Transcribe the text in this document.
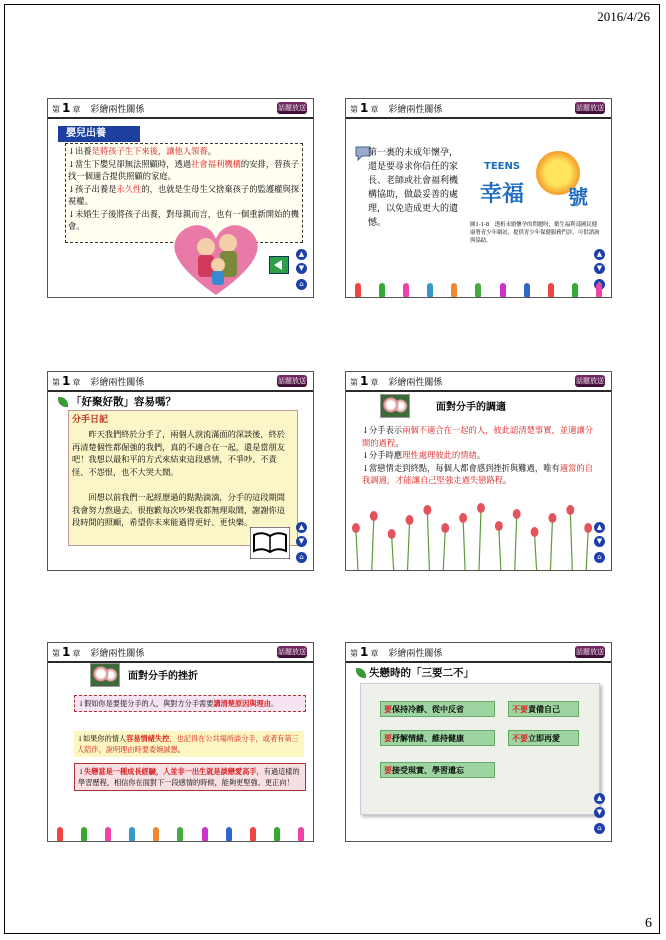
2016/4/26
6
第 1 章 彩繪兩性關係	話題放送
嬰兒出養
↓出養是將孩子生下來後，讓他人領養。
↓當生下嬰兒卻無法照顧時，透過社會福利機構的安排，替孩子找一個適合提供照顧的家庭。
↓孩子出養是永久性的，也就是生母生父捨棄孩子的監護權與探視權。
↓未婚生子後將孩子出養，對母親而言，也有一個重新開始的機會。
▲
▼
⌂
第 1 章 彩繪兩性關係	話題放送
第一裏的未成年懷孕，還是要尋求你信任的家長、老師或社會福利機構協助，做最妥善的處理，以免造成更大的遺憾。
TEENS
幸福 號
圖1-1-8　透析未婚懷孕的問題呀，衛生福利部國民健康署青少年網站，提供青少年保健服務門診，可供諮詢與協助。
▲
▼
第 1 章 彩繪兩性關係	話題放送
「好聚好散」容易嗎？
分手日記
昨天我們終於分手了，兩個人淚流滿面的深談後，終於再清楚個性都倔強的我們，真的不適合在一起，還是當朋友吧！我想以最和平的方式來結束這段感情，不爭吵、不責怪、不怨恨，也不大哭大鬧。
回想以前我們一起經歷過的點點滴滴，分手的這段期間我會努力熬過去。很抱歉每次吵架我都無理取鬧，謝謝你這段時間的照顧，希望你未來能過得更好、更快樂。	▲
▼
⌂
第 1 章 彩繪兩性關係	話題放送
面對分手的調適
↓分手表示兩個不適合在一起的人，彼此認清楚事實，並適讓分開的過程。
↓分手時應理性處理彼此的情緒。
↓當戀情走到終點，每個人都會感到挫折與難過，唯有適當的自我調適，才能讓自己堅強走過失戀路程。
▲
▼
⌂
第 1 章 彩繪兩性關係	話題放送
面對分手的挫折
↓假如你是要提分手的人，與對方分手需要講清楚原因與理由。
↓如果你的情人容易情緒失控，也記得在公共場所談分手，或者有第三人陪伴，說明理由時要委婉誠懇。
↓失戀當是一種成長經驗，人並非一出生就是談戀愛高手，有過這樣的學習歷程，相信你在面對下一段感情的時候，能夠更堅強、更正向！
第 1 章 彩繪兩性關係	話題放送
失戀時的「三要二不」
要保持冷靜、從中反省	不要責備自己
要抒解情緒、維持健康	不要立即再愛
要接受現實、學習遺忘
▲
▼
⌂
